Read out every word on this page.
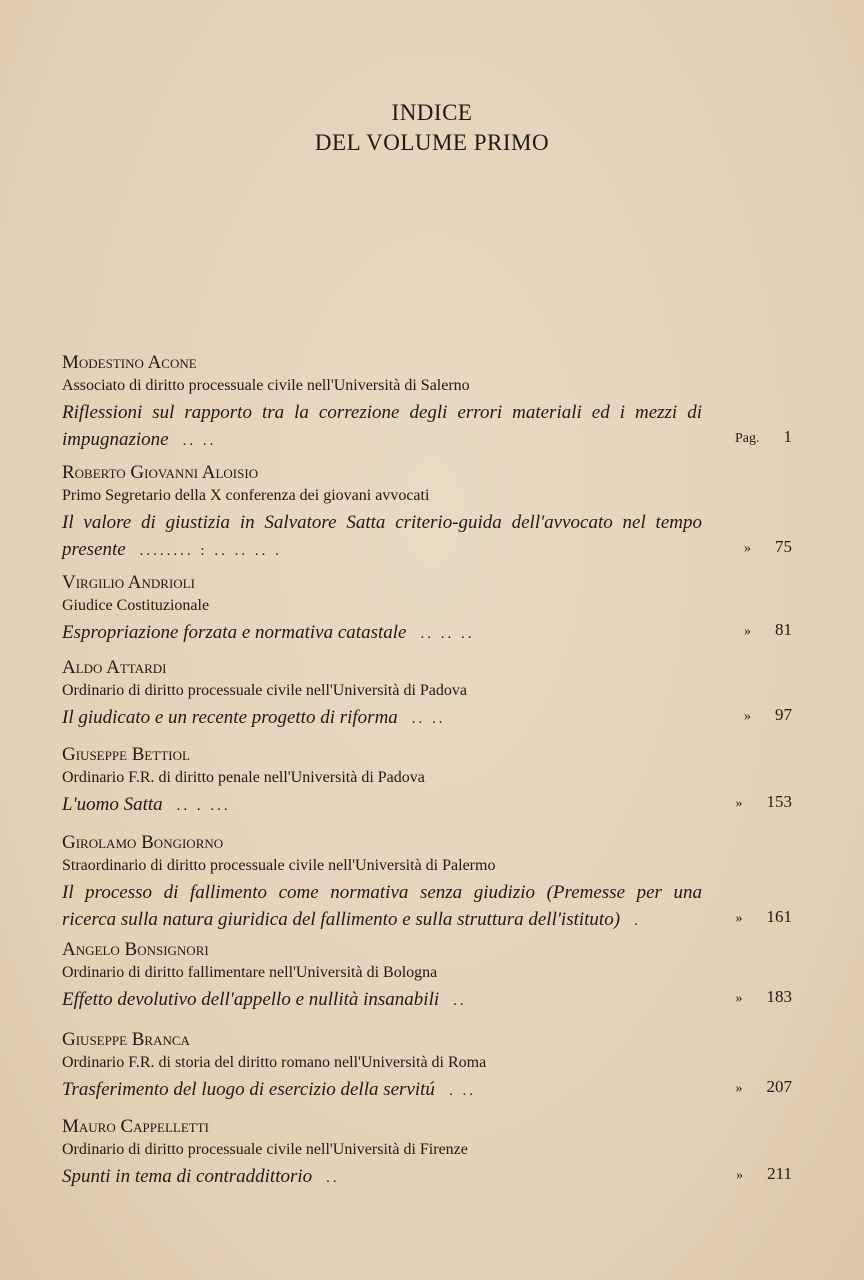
INDICE
DEL VOLUME PRIMO
Modestino Acone
Associato di diritto processuale civile nell'Università di Salerno
Riflessioni sul rapporto tra la correzione degli errori materiali ed i mezzi di
impugnazione .. ..	Pag. 1
Roberto Giovanni Aloisio
Primo Segretario della X conferenza dei giovani avvocati
Il valore di giustizia in Salvatore Satta criterio-guida dell'avvocato nel tempo
presente ........ : .. .. .. .	» 75
Virgilio Andrioli
Giudice Costituzionale
Espropriazione forzata e normativa catastale .. .. ..	» 81
Aldo Attardi
Ordinario di diritto processuale civile nell'Università di Padova
Il giudicato e un recente progetto di riforma .. ..	» 97
Giuseppe Bettiol
Ordinario F.R. di diritto penale nell'Università di Padova
L'uomo Satta .. . ...	» 153
Girolamo Bongiorno
Straordinario di diritto processuale civile nell'Università di Palermo
Il processo di fallimento come normativa senza giudizio (Premesse per una
ricerca sulla natura giuridica del fallimento e sulla struttura dell'istituto) .	» 161
Angelo Bonsignori
Ordinario di diritto fallimentare nell'Università di Bologna
Effetto devolutivo dell'appello e nullità insanabili ..	» 183
Giuseppe Branca
Ordinario F.R. di storia del diritto romano nell'Università di Roma
Trasferimento del luogo di esercizio della servitú . ..	» 207
Mauro Cappelletti
Ordinario di diritto processuale civile nell'Università di Firenze
Spunti in tema di contraddittorio ..	» 211
